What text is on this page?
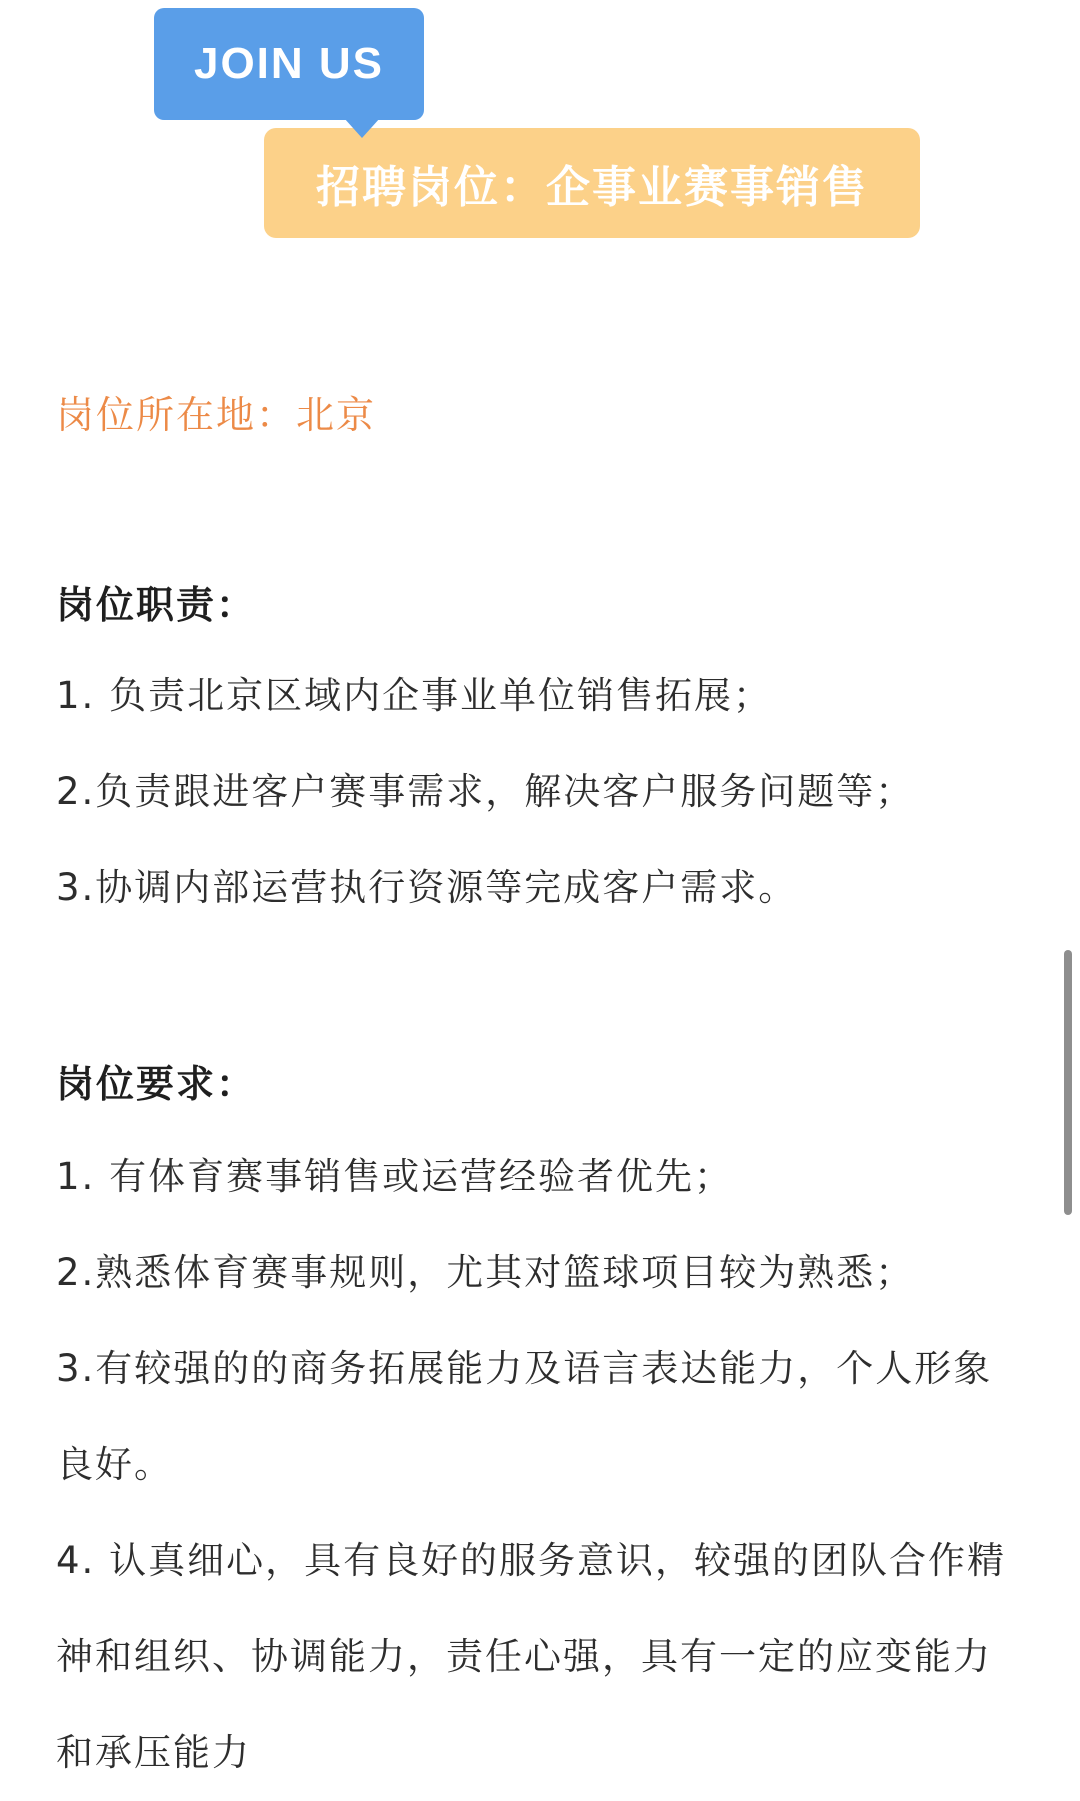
JOIN US
招聘岗位：企事业赛事销售
岗位所在地：北京
岗位职责：
1. 负责北京区域内企事业单位销售拓展；
2.负责跟进客户赛事需求，解决客户服务问题等；
3.协调内部运营执行资源等完成客户需求。
岗位要求：
1. 有体育赛事销售或运营经验者优先；
2.熟悉体育赛事规则，尤其对篮球项目较为熟悉；
3.有较强的的商务拓展能力及语言表达能力，个人形象良好。
4. 认真细心，具有良好的服务意识，较强的团队合作精神和组织、协调能力，责任心强，具有一定的应变能力和承压能力
